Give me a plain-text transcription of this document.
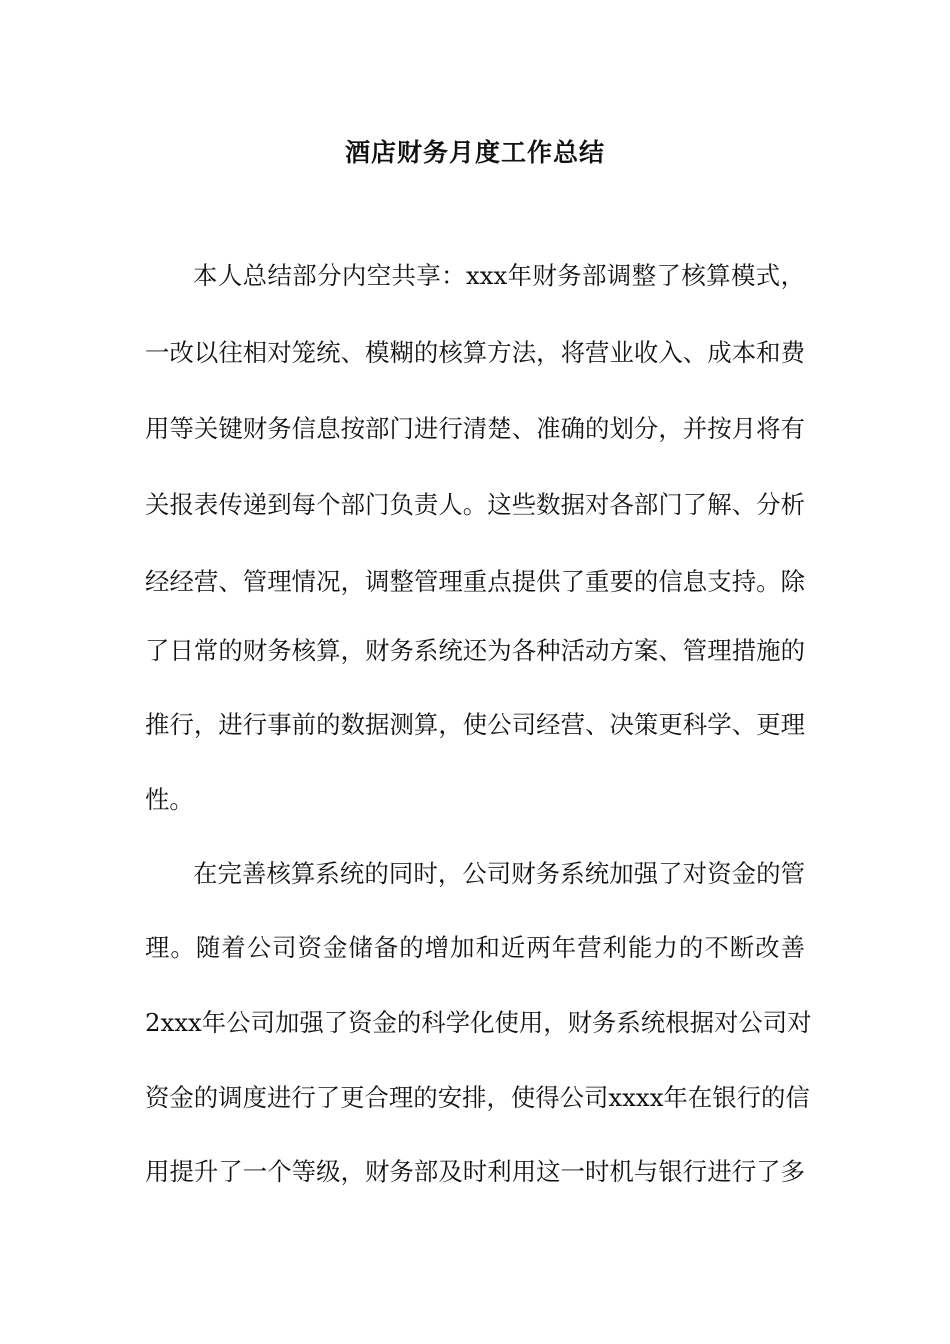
酒店财务月度工作总结
本人总结部分内空共享：xxx年财务部调整了核算模式，
一改以往相对笼统、模糊的核算方法，将营业收入、成本和费
用等关键财务信息按部门进行清楚、准确的划分，并按月将有
关报表传递到每个部门负责人。这些数据对各部门了解、分析
经经营、管理情况，调整管理重点提供了重要的信息支持。除
了日常的财务核算，财务系统还为各种活动方案、管理措施的
推行，进行事前的数据测算，使公司经营、决策更科学、更理
性。
在完善核算系统的同时，公司财务系统加强了对资金的管
理。随着公司资金储备的增加和近两年营利能力的不断改善
2xxx年公司加强了资金的科学化使用，财务系统根据对公司对
资金的调度进行了更合理的安排，使得公司xxxx年在银行的信
用提升了一个等级，财务部及时利用这一时机与银行进行了多
